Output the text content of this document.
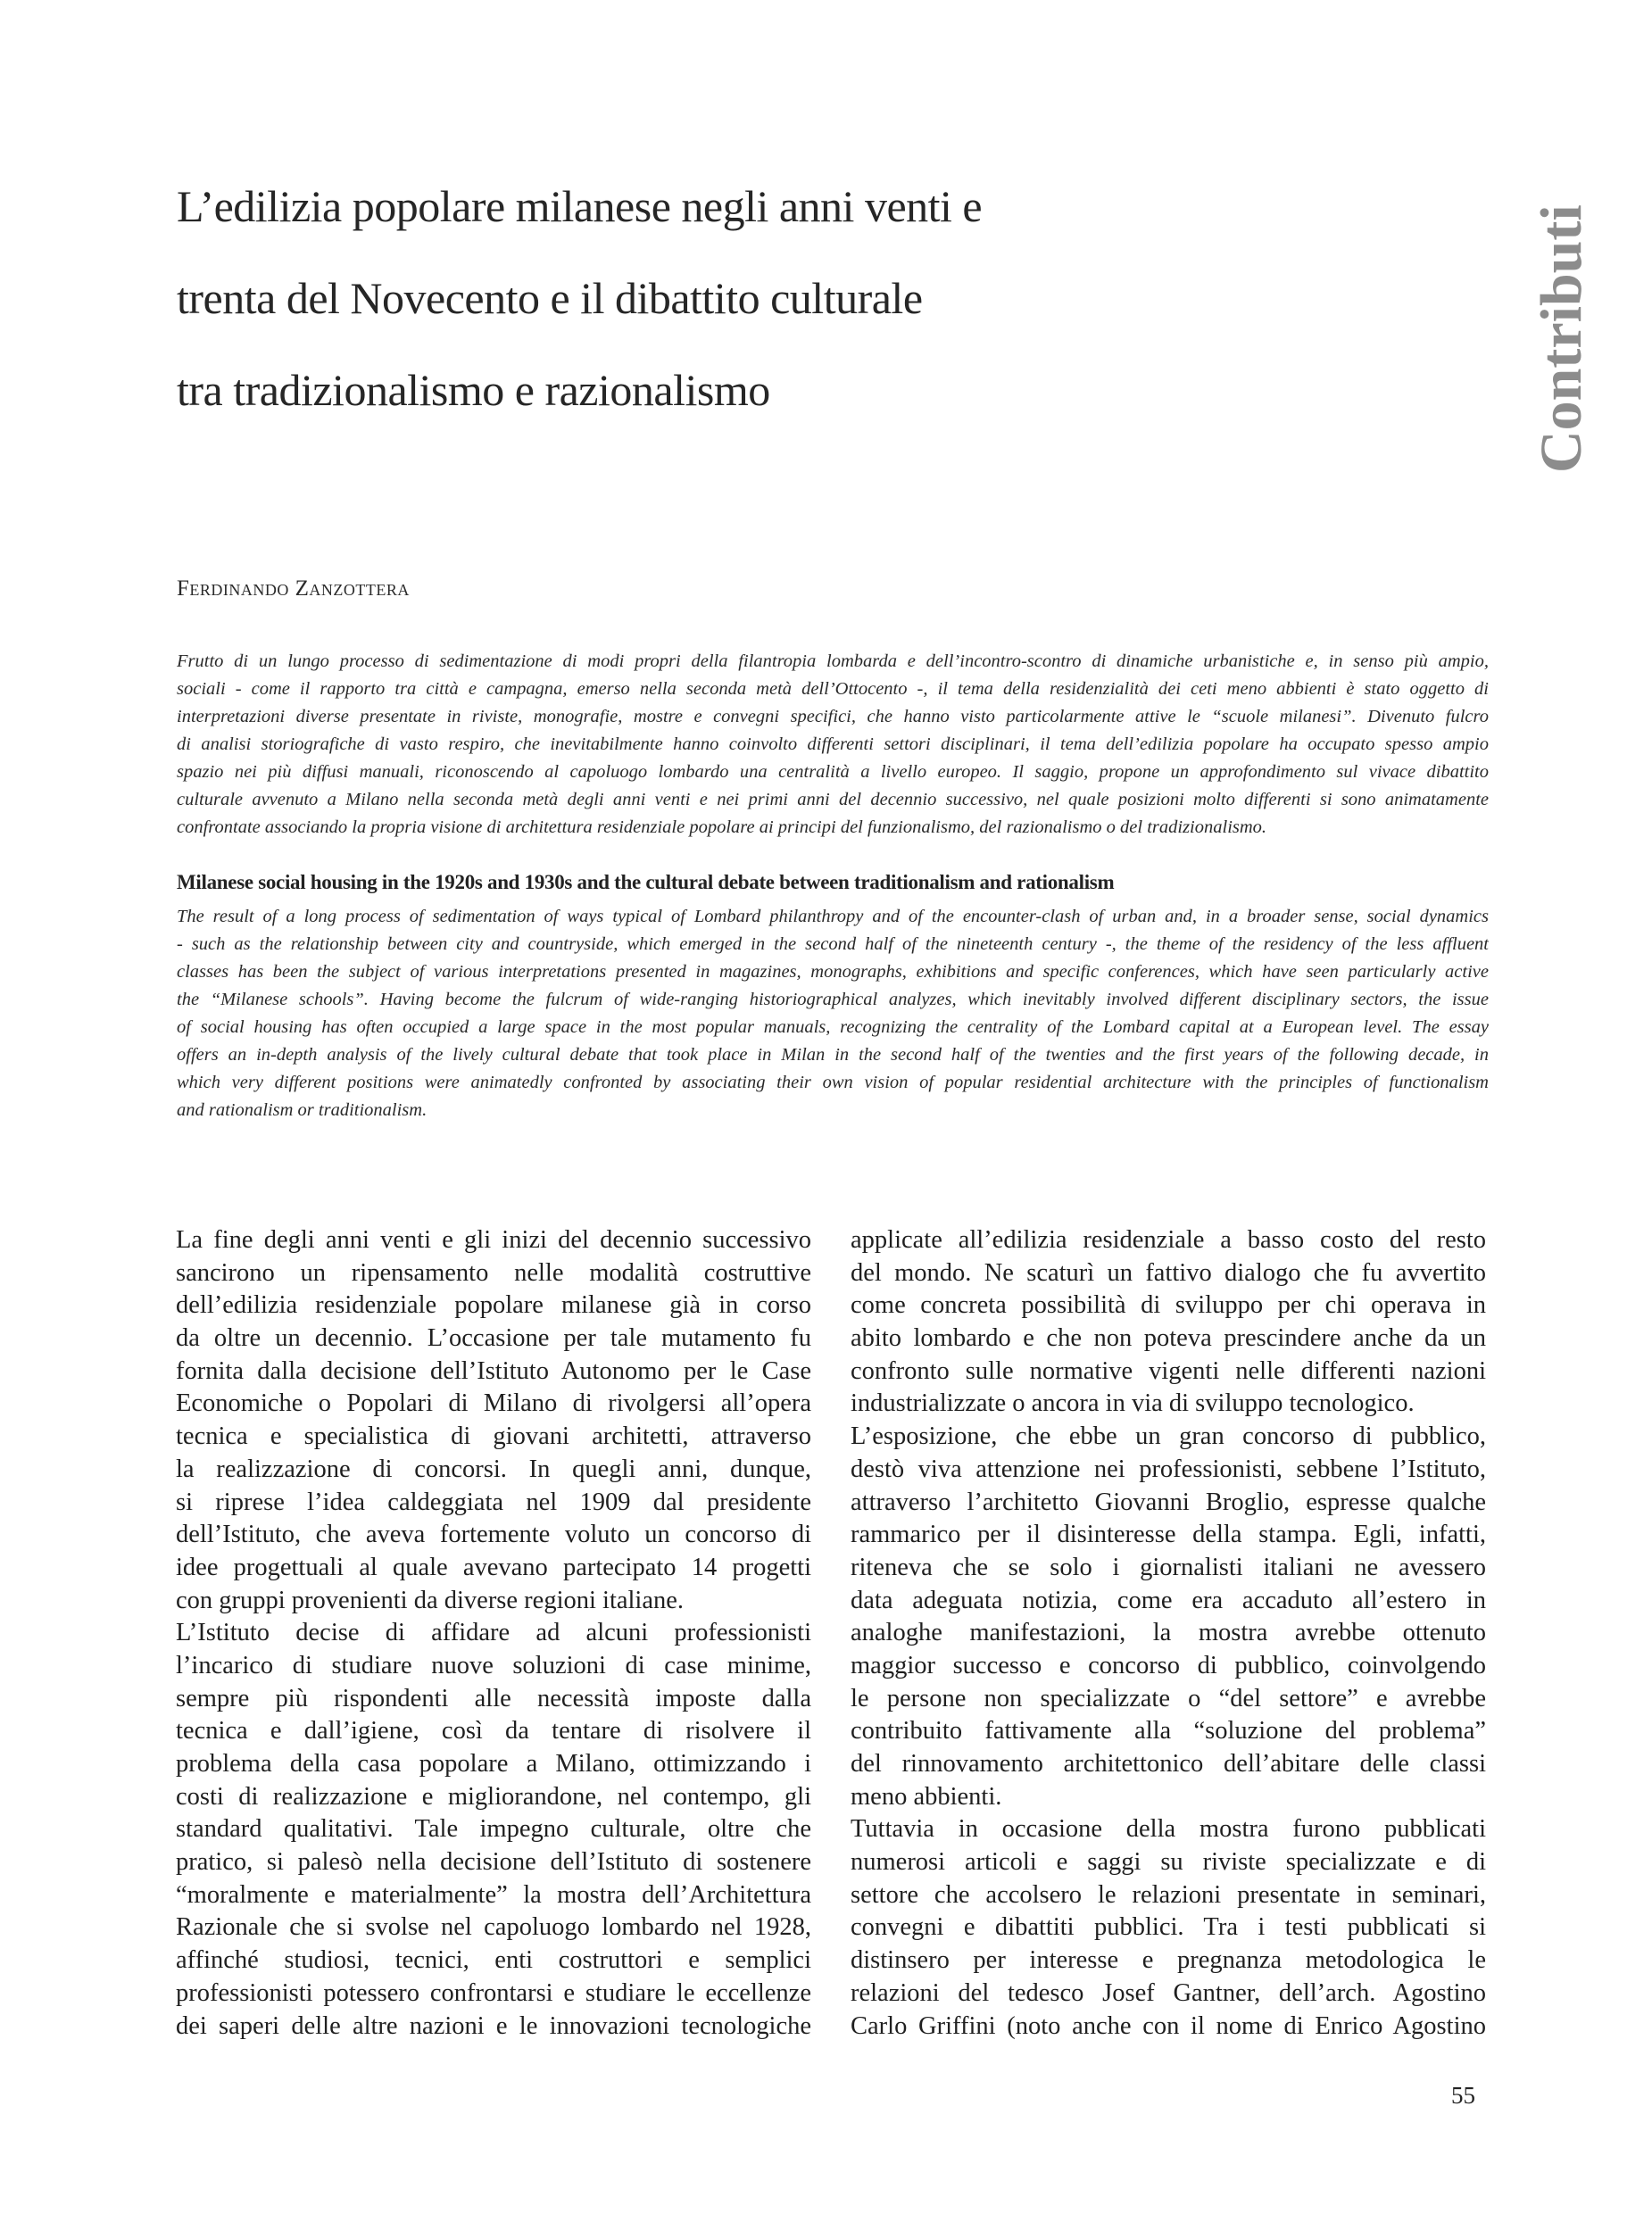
L’edilizia popolare milanese negli anni venti e
trenta del Novecento e il dibattito culturale
tra tradizionalismo e razionalismo	Contributi
Ferdinando Zanzottera
Frutto di un lungo processo di sedimentazione di modi propri della filantropia lombarda e dell’incontro-scontro di dinamiche urbanistiche e, in senso più ampio,
sociali - come il rapporto tra città e campagna, emerso nella seconda metà dell’Ottocento -, il tema della residenzialità dei ceti meno abbienti è stato oggetto di
interpretazioni diverse presentate in riviste, monografie, mostre e convegni specifici, che hanno visto particolarmente attive le “scuole milanesi”. Divenuto fulcro
di analisi storiografiche di vasto respiro, che inevitabilmente hanno coinvolto differenti settori disciplinari, il tema dell’edilizia popolare ha occupato spesso ampio
spazio nei più diffusi manuali, riconoscendo al capoluogo lombardo una centralità a livello europeo. Il saggio, propone un approfondimento sul vivace dibattito
culturale avvenuto a Milano nella seconda metà degli anni venti e nei primi anni del decennio successivo, nel quale posizioni molto differenti si sono animatamente
confrontate associando la propria visione di architettura residenziale popolare ai principi del funzionalismo, del razionalismo o del tradizionalismo.
Milanese social housing in the 1920s and 1930s and the cultural debate between traditionalism and rationalism
The result of a long process of sedimentation of ways typical of Lombard philanthropy and of the encounter-clash of urban and, in a broader sense, social dynamics
- such as the relationship between city and countryside, which emerged in the second half of the nineteenth century -, the theme of the residency of the less affluent
classes has been the subject of various interpretations presented in magazines, monographs, exhibitions and specific conferences, which have seen particularly active
the “Milanese schools”. Having become the fulcrum of wide-ranging historiographical analyzes, which inevitably involved different disciplinary sectors, the issue
of social housing has often occupied a large space in the most popular manuals, recognizing the centrality of the Lombard capital at a European level. The essay
offers an in-depth analysis of the lively cultural debate that took place in Milan in the second half of the twenties and the first years of the following decade, in
which very different positions were animatedly confronted by associating their own vision of popular residential architecture with the principles of functionalism
and rationalism or traditionalism.
La fine degli anni venti e gli inizi del decennio successivo
sancirono un ripensamento nelle modalità costruttive
dell’edilizia residenziale popolare milanese già in corso
da oltre un decennio. L’occasione per tale mutamento fu
fornita dalla decisione dell’Istituto Autonomo per le Case
Economiche o Popolari di Milano di rivolgersi all’opera
tecnica e specialistica di giovani architetti, attraverso
la realizzazione di concorsi. In quegli anni, dunque,
si riprese l’idea caldeggiata nel 1909 dal presidente
dell’Istituto, che aveva fortemente voluto un concorso di
idee progettuali al quale avevano partecipato 14 progetti
con gruppi provenienti da diverse regioni italiane.
L’Istituto decise di affidare ad alcuni professionisti
l’incarico di studiare nuove soluzioni di case minime,
sempre più rispondenti alle necessità imposte dalla
tecnica e dall’igiene, così da tentare di risolvere il
problema della casa popolare a Milano, ottimizzando i
costi di realizzazione e migliorandone, nel contempo, gli
standard qualitativi. Tale impegno culturale, oltre che
pratico, si palesò nella decisione dell’Istituto di sostenere
“moralmente e materialmente” la mostra dell’Architettura
Razionale che si svolse nel capoluogo lombardo nel 1928,
affinché studiosi, tecnici, enti costruttori e semplici
professionisti potessero confrontarsi e studiare le eccellenze
dei saperi delle altre nazioni e le innovazioni tecnologiche
applicate all’edilizia residenziale a basso costo del resto
del mondo. Ne scaturì un fattivo dialogo che fu avvertito
come concreta possibilità di sviluppo per chi operava in
abito lombardo e che non poteva prescindere anche da un
confronto sulle normative vigenti nelle differenti nazioni
industrializzate o ancora in via di sviluppo tecnologico.
L’esposizione, che ebbe un gran concorso di pubblico,
destò viva attenzione nei professionisti, sebbene l’Istituto,
attraverso l’architetto Giovanni Broglio, espresse qualche
rammarico per il disinteresse della stampa. Egli, infatti,
riteneva che se solo i giornalisti italiani ne avessero
data adeguata notizia, come era accaduto all’estero in
analoghe manifestazioni, la mostra avrebbe ottenuto
maggior successo e concorso di pubblico, coinvolgendo
le persone non specializzate o “del settore” e avrebbe
contribuito fattivamente alla “soluzione del problema”
del rinnovamento architettonico dell’abitare delle classi
meno abbienti.
Tuttavia in occasione della mostra furono pubblicati
numerosi articoli e saggi su riviste specializzate e di
settore che accolsero le relazioni presentate in seminari,
convegni e dibattiti pubblici. Tra i testi pubblicati si
distinsero per interesse e pregnanza metodologica le
relazioni del tedesco Josef Gantner, dell’arch. Agostino
Carlo Griffini (noto anche con il nome di Enrico Agostino
55
